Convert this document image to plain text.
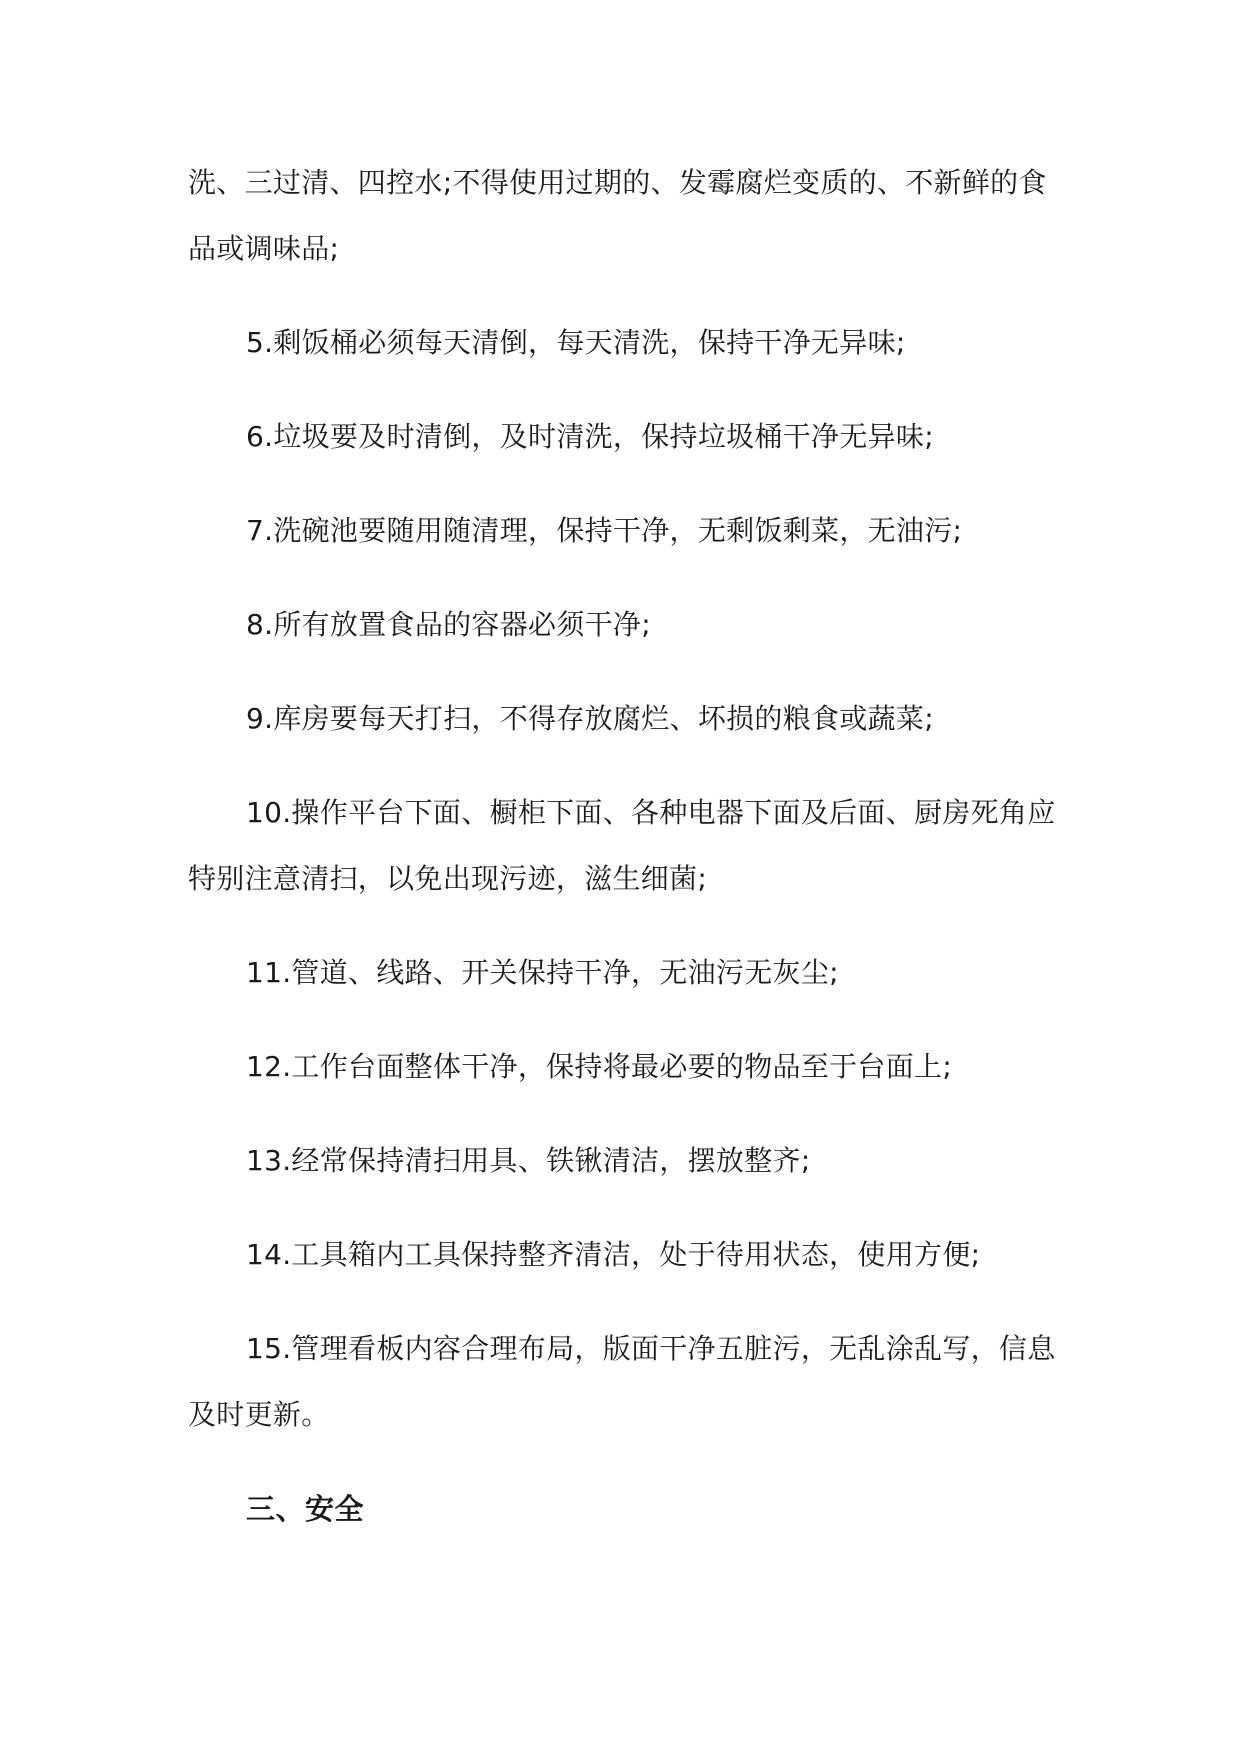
洗、三过清、四控水;不得使用过期的、发霉腐烂变质的、不新鲜的食品或调味品;

5.剩饭桶必须每天清倒，每天清洗，保持干净无异味;

6.垃圾要及时清倒，及时清洗，保持垃圾桶干净无异味;

7.洗碗池要随用随清理，保持干净，无剩饭剩菜，无油污;

8.所有放置食品的容器必须干净;

9.库房要每天打扫，不得存放腐烂、坏损的粮食或蔬菜;

10.操作平台下面、橱柜下面、各种电器下面及后面、厨房死角应特别注意清扫，以免出现污迹，滋生细菌;

11.管道、线路、开关保持干净，无油污无灰尘;

12.工作台面整体干净，保持将最必要的物品至于台面上;

13.经常保持清扫用具、铁锹清洁，摆放整齐;

14.工具箱内工具保持整齐清洁，处于待用状态，使用方便;

15.管理看板内容合理布局，版面干净五脏污，无乱涂乱写，信息及时更新。

三、安全
